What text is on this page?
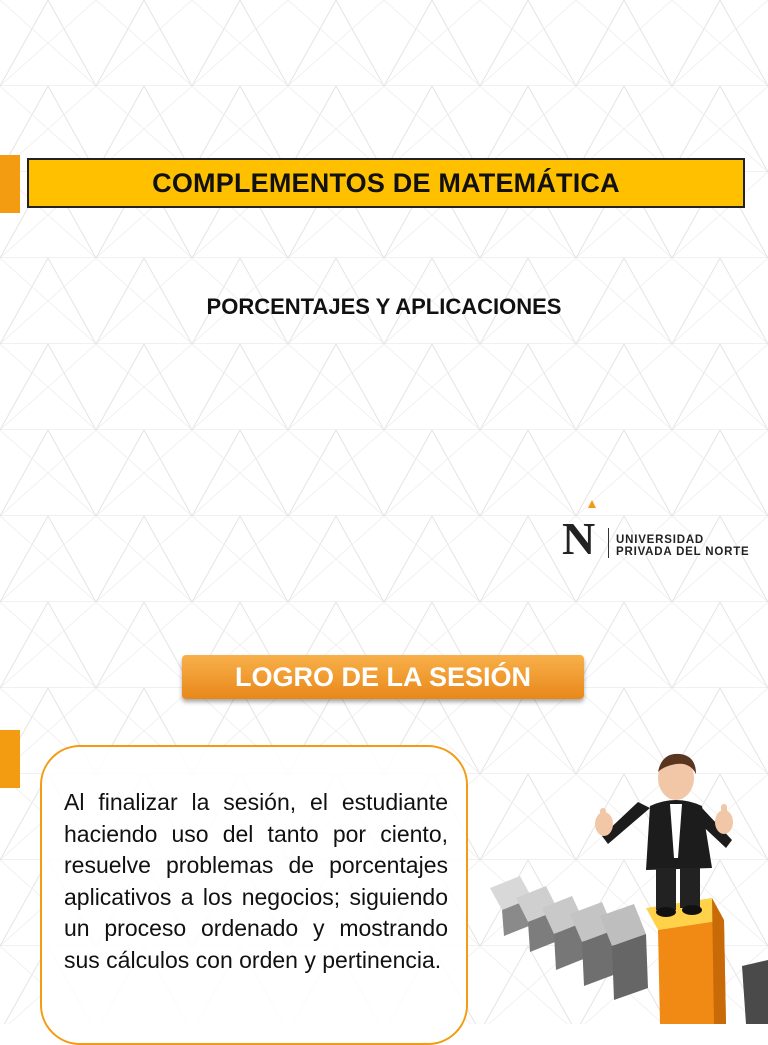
COMPLEMENTOS DE MATEMÁTICA
PORCENTAJES Y APLICACIONES
N UNIVERSIDAD
PRIVADA DEL NORTE
LOGRO DE LA SESIÓN
Al finalizar la sesión, el estudiante haciendo uso del tanto por ciento, resuelve problemas de porcentajes aplicativos a los negocios; siguiendo un proceso ordenado y mostrando sus cálculos con orden y pertinencia.
